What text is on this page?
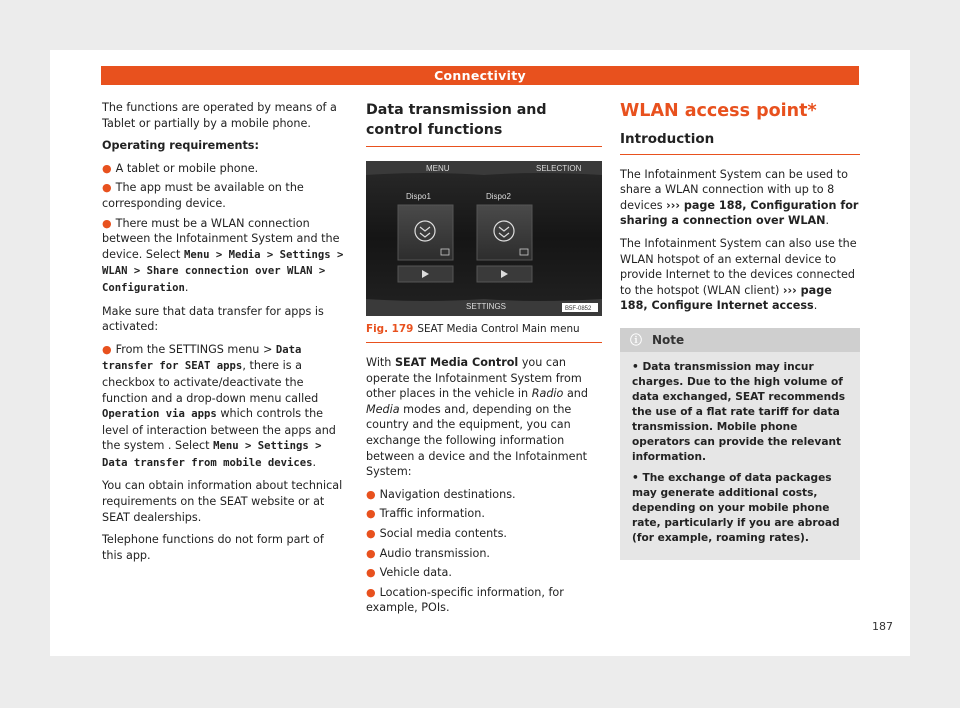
Connectivity

The functions are operated by means of a Tablet or partially by a mobile phone.

Operating requirements:

● A tablet or mobile phone.
● The app must be available on the corresponding device.
● There must be a WLAN connection between the Infotainment System and the device. Select Menu > Media > Settings > WLAN > Share connection over WLAN > Configuration.

Make sure that data transfer for apps is activated:

● From the SETTINGS menu > Data transfer for SEAT apps, there is a checkbox to activate/deactivate the function and a drop-down menu called Operation via apps which controls the level of interaction between the apps and the system . Select Menu > Settings > Data transfer from mobile devices.

You can obtain information about technical requirements on the SEAT website or at SEAT dealerships.

Telephone functions do not form part of this app.

Data transmission and control functions
MENU	SELECTION
SETTINGS
Dispo1	Dispo2
B5F-0852
Fig. 179 SEAT Media Control Main menu

With SEAT Media Control you can operate the Infotainment System from other places in the vehicle in Radio and Media modes and, depending on the country and the equipment, you can exchange the following information between a device and the Infotainment System:

● Navigation destinations.
● Traffic information.
● Social media contents.
● Audio transmission.
● Vehicle data.
● Location-specific information, for example, POIs.
WLAN access point*
Introduction

The Infotainment System can be used to share a WLAN connection with up to 8 devices ››› page 188, Configuration for sharing a connection over WLAN.

The Infotainment System can also use the WLAN hotspot of an external device to provide Internet to the devices connected to the hotspot (WLAN client) ››› page 188, Configure Internet access.

ⓘ Note
• Data transmission may incur charges. Due to the high volume of data exchanged, SEAT recommends the use of a flat rate tariff for data transmission. Mobile phone operators can provide the relevant information.
• The exchange of data packages may generate additional costs, depending on your mobile phone rate, particularly if you are abroad (for example, roaming rates).
187
